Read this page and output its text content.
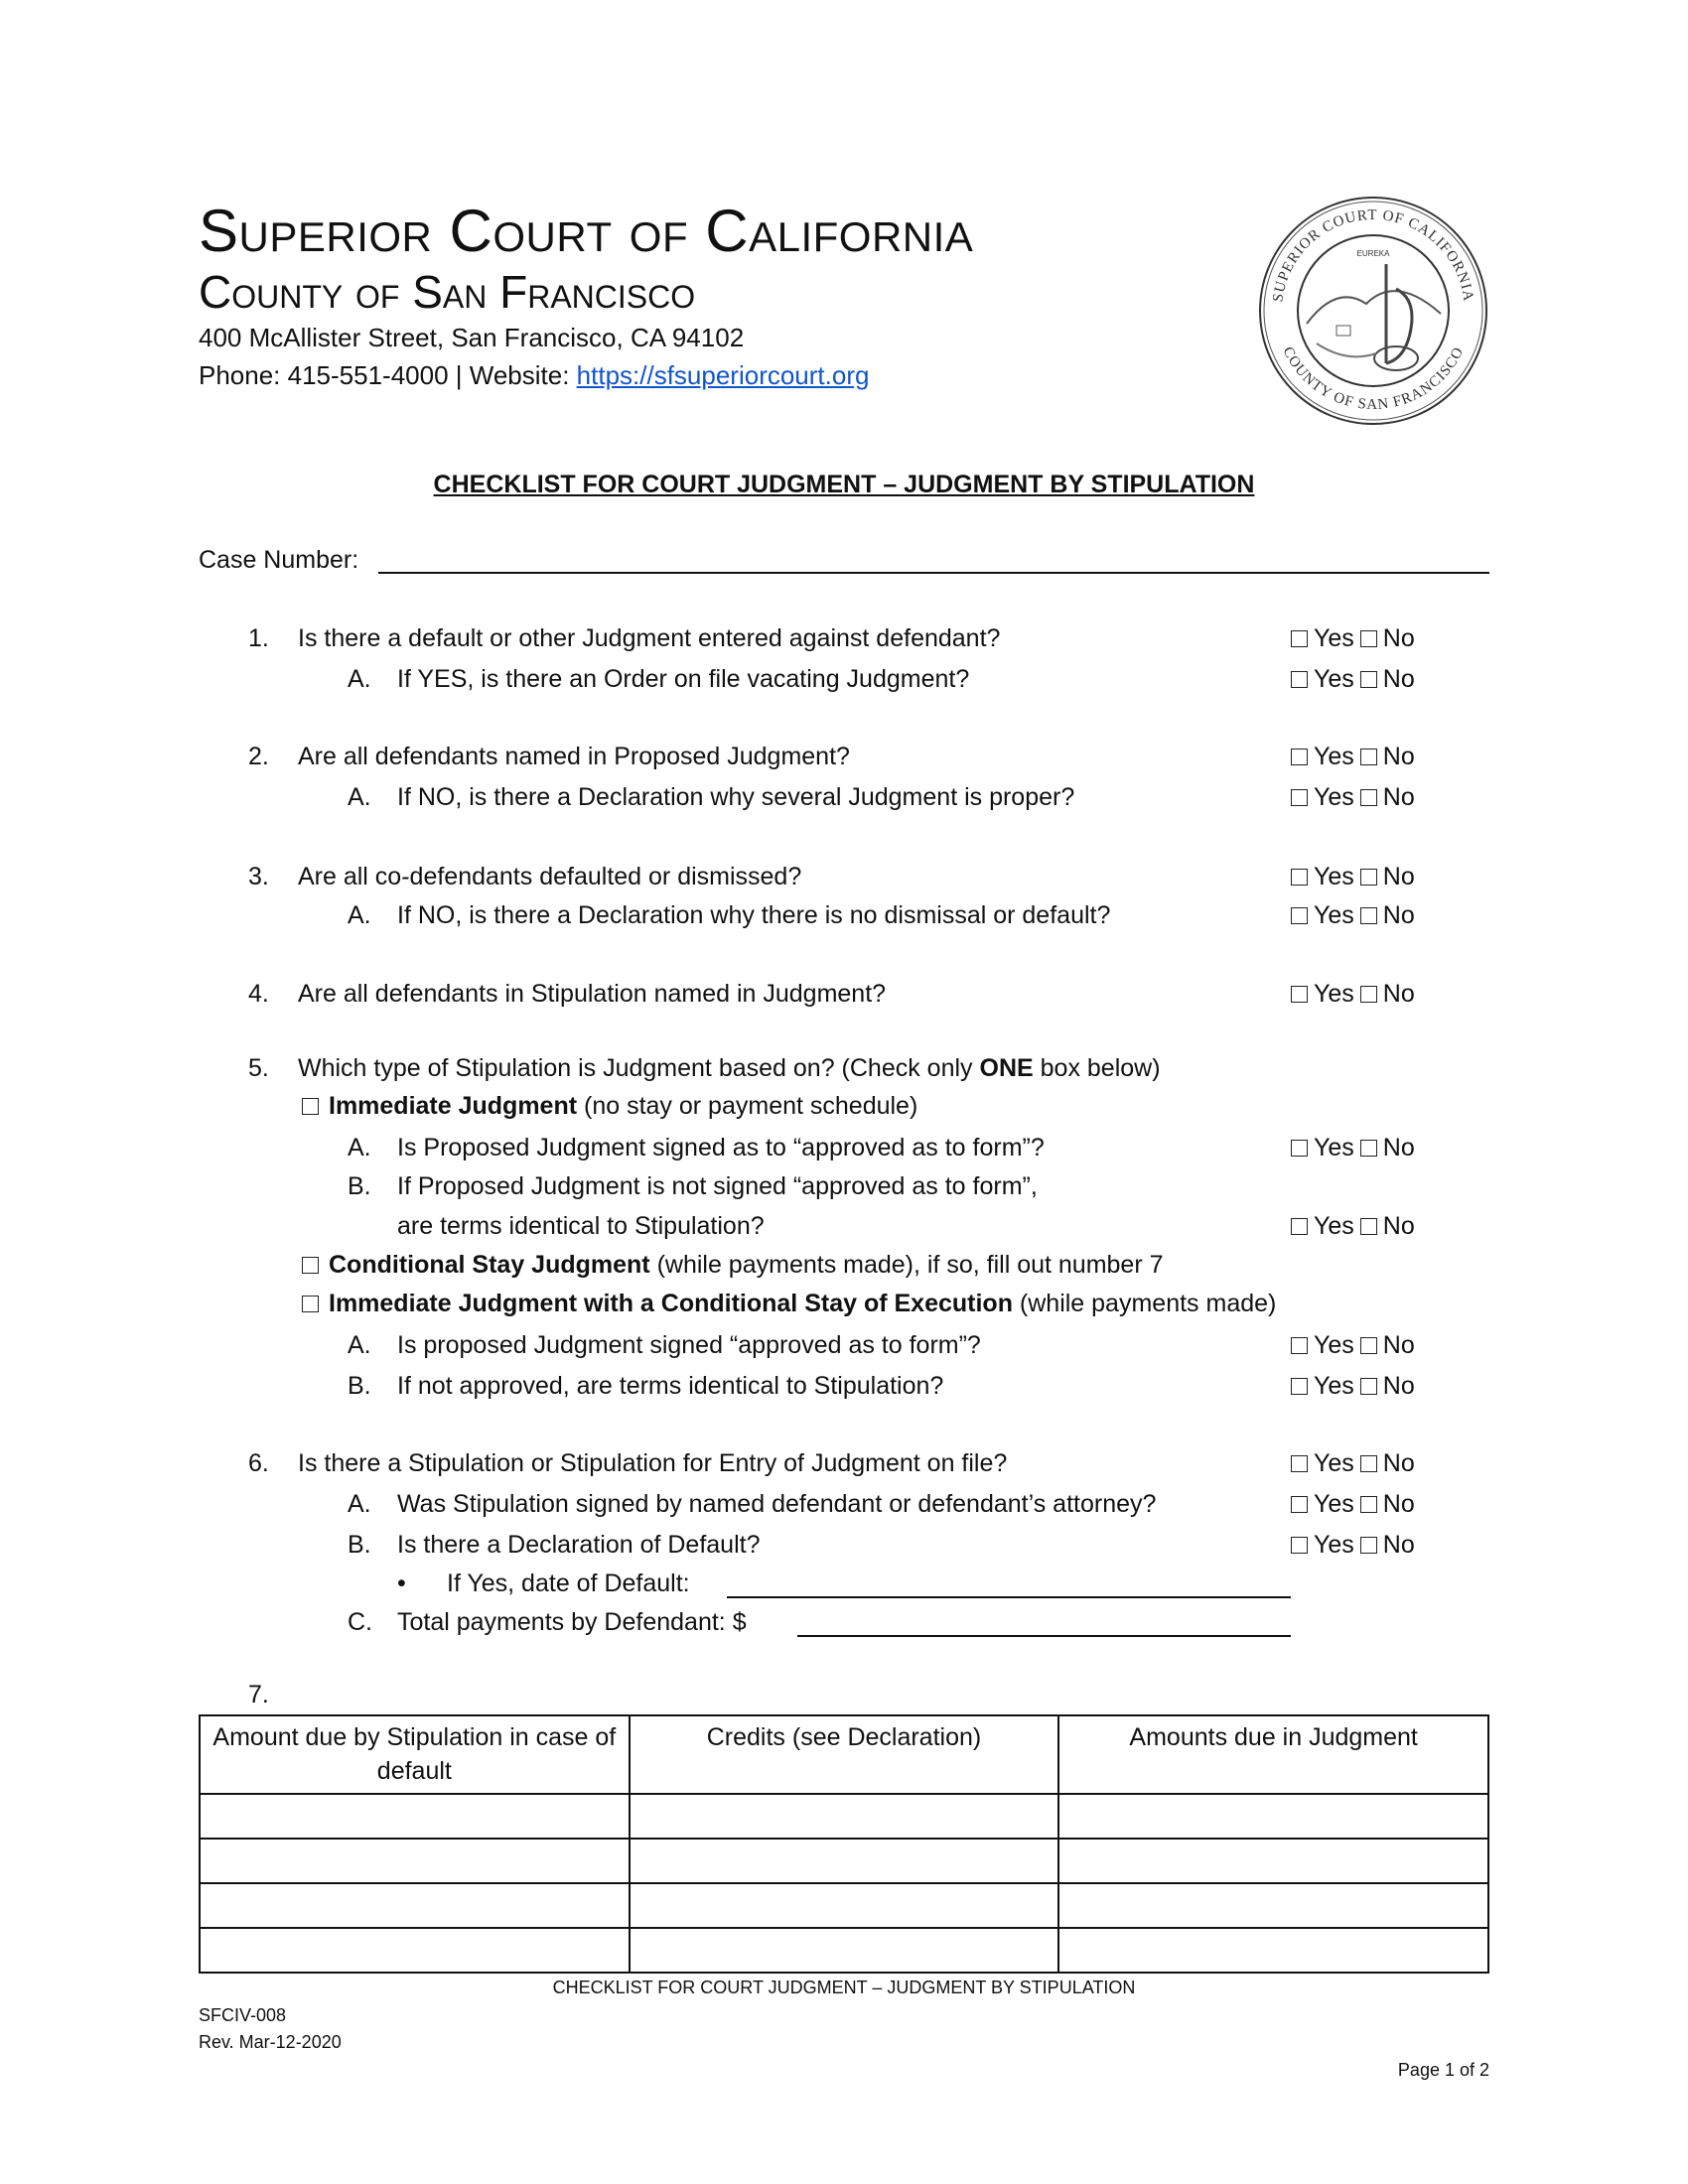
Superior Court of California
County of San Francisco
400 McAllister Street, San Francisco, CA 94102
Phone: 415-551-4000 | Website: https://sfsuperiorcourt.org
SUPERIOR COURT OF CALIFORNIA
COUNTY OF SAN FRANCISCO
EUREKA
CHECKLIST FOR COURT JUDGMENT – JUDGMENT BY STIPULATION
Case Number:
1. Is there a default or other Judgment entered against defendant?	Yes No
A. If YES, is there an Order on file vacating Judgment?	Yes No
2. Are all defendants named in Proposed Judgment?	Yes No
A. If NO, is there a Declaration why several Judgment is proper?	Yes No
3. Are all co-defendants defaulted or dismissed?	Yes No
A. If NO, is there a Declaration why there is no dismissal or default?	Yes No
4. Are all defendants in Stipulation named in Judgment?	Yes No
5. Which type of Stipulation is Judgment based on? (Check only ONE box below)
Immediate Judgment (no stay or payment schedule)
A. Is Proposed Judgment signed as to “approved as to form”?	Yes No
B. If Proposed Judgment is not signed “approved as to form”,
are terms identical to Stipulation?	Yes No
Conditional Stay Judgment (while payments made), if so, fill out number 7
Immediate Judgment with a Conditional Stay of Execution (while payments made)
A. Is proposed Judgment signed “approved as to form”?	Yes No
B. If not approved, are terms identical to Stipulation?	Yes No
6. Is there a Stipulation or Stipulation for Entry of Judgment on file?	Yes No
A. Was Stipulation signed by named defendant or defendant’s attorney?	Yes No
B. Is there a Declaration of Default?	Yes No
• If Yes, date of Default:
C. Total payments by Defendant: $
7.
Amount due by Stipulation in case of default	Credits (see Declaration)	Amounts due in Judgment

CHECKLIST FOR COURT JUDGMENT – JUDGMENT BY STIPULATION
SFCIV-008
Rev. Mar-12-2020
Page 1 of 2
